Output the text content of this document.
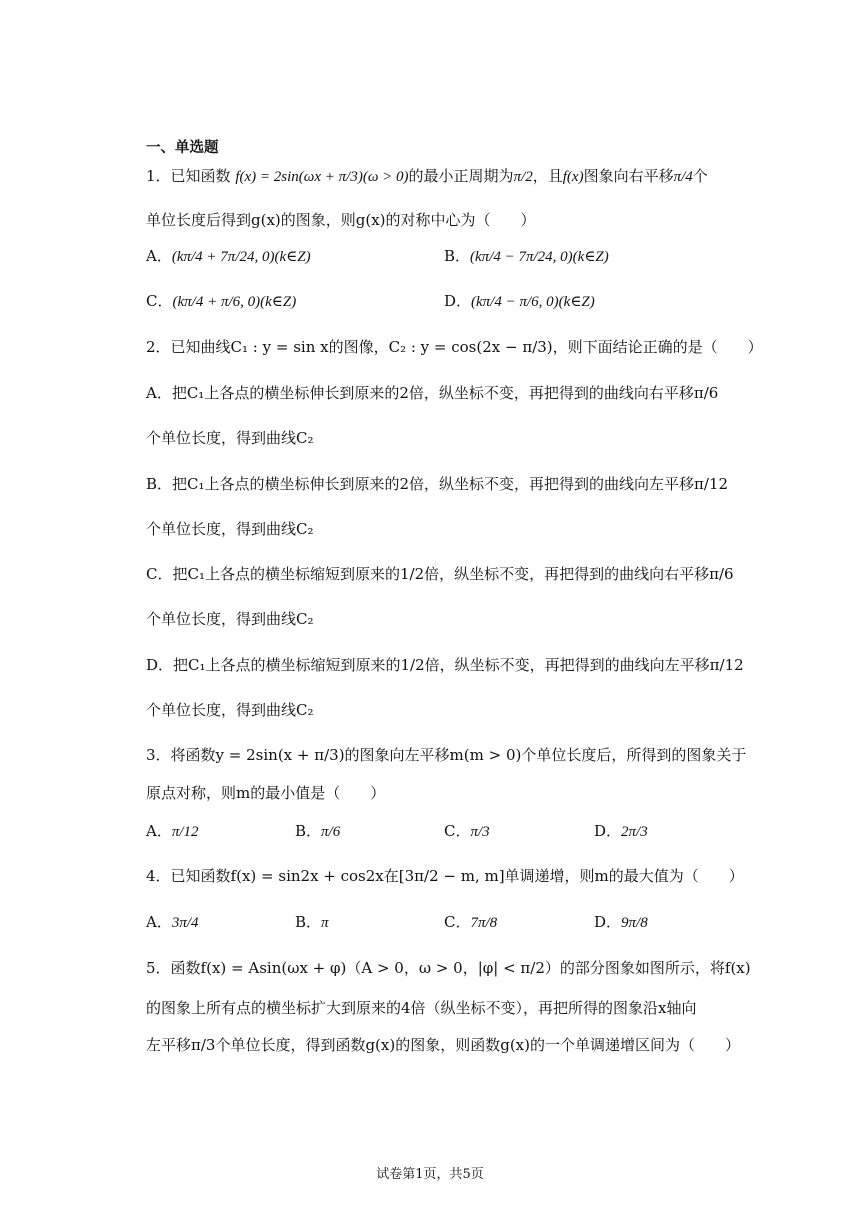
一、单选题
1．已知函数 f(x) = 2sin(ωx + π/3)(ω > 0)的最小正周期为π/2，且f(x)图象向右平移π/4个
单位长度后得到g(x)的图象，则g(x)的对称中心为（　　）
A．(kπ/4 + 7π/24, 0)(k∈Z)	B．(kπ/4 − 7π/24, 0)(k∈Z)
C．(kπ/4 + π/6, 0)(k∈Z)	D．(kπ/4 − π/6, 0)(k∈Z)
2．已知曲线C₁ : y = sin x的图像，C₂ : y = cos(2x − π/3)，则下面结论正确的是（　　）
A．把C₁上各点的横坐标伸长到原来的2倍，纵坐标不变，再把得到的曲线向右平移π/6
个单位长度，得到曲线C₂
B．把C₁上各点的横坐标伸长到原来的2倍，纵坐标不变，再把得到的曲线向左平移π/12
个单位长度，得到曲线C₂
C．把C₁上各点的横坐标缩短到原来的1/2倍，纵坐标不变，再把得到的曲线向右平移π/6
个单位长度，得到曲线C₂
D．把C₁上各点的横坐标缩短到原来的1/2倍，纵坐标不变，再把得到的曲线向左平移π/12
个单位长度，得到曲线C₂
3．将函数y = 2sin(x + π/3)的图象向左平移m(m > 0)个单位长度后，所得到的图象关于
原点对称，则m的最小值是（　　）
A．π/12	B．π/6	C．π/3	D．2π/3
4．已知函数f(x) = sin2x + cos2x在[3π/2 − m, m]单调递增，则m的最大值为（　　）
A．3π/4	B．π	C．7π/8	D．9π/8
5．函数f(x) = Asin(ωx + φ)（A > 0，ω > 0，|φ| < π/2）的部分图象如图所示，将f(x)
的图象上所有点的横坐标扩大到原来的4倍（纵坐标不变），再把所得的图象沿x轴向
左平移π/3个单位长度，得到函数g(x)的图象，则函数g(x)的一个单调递增区间为（　　）
试卷第1页，共5页
